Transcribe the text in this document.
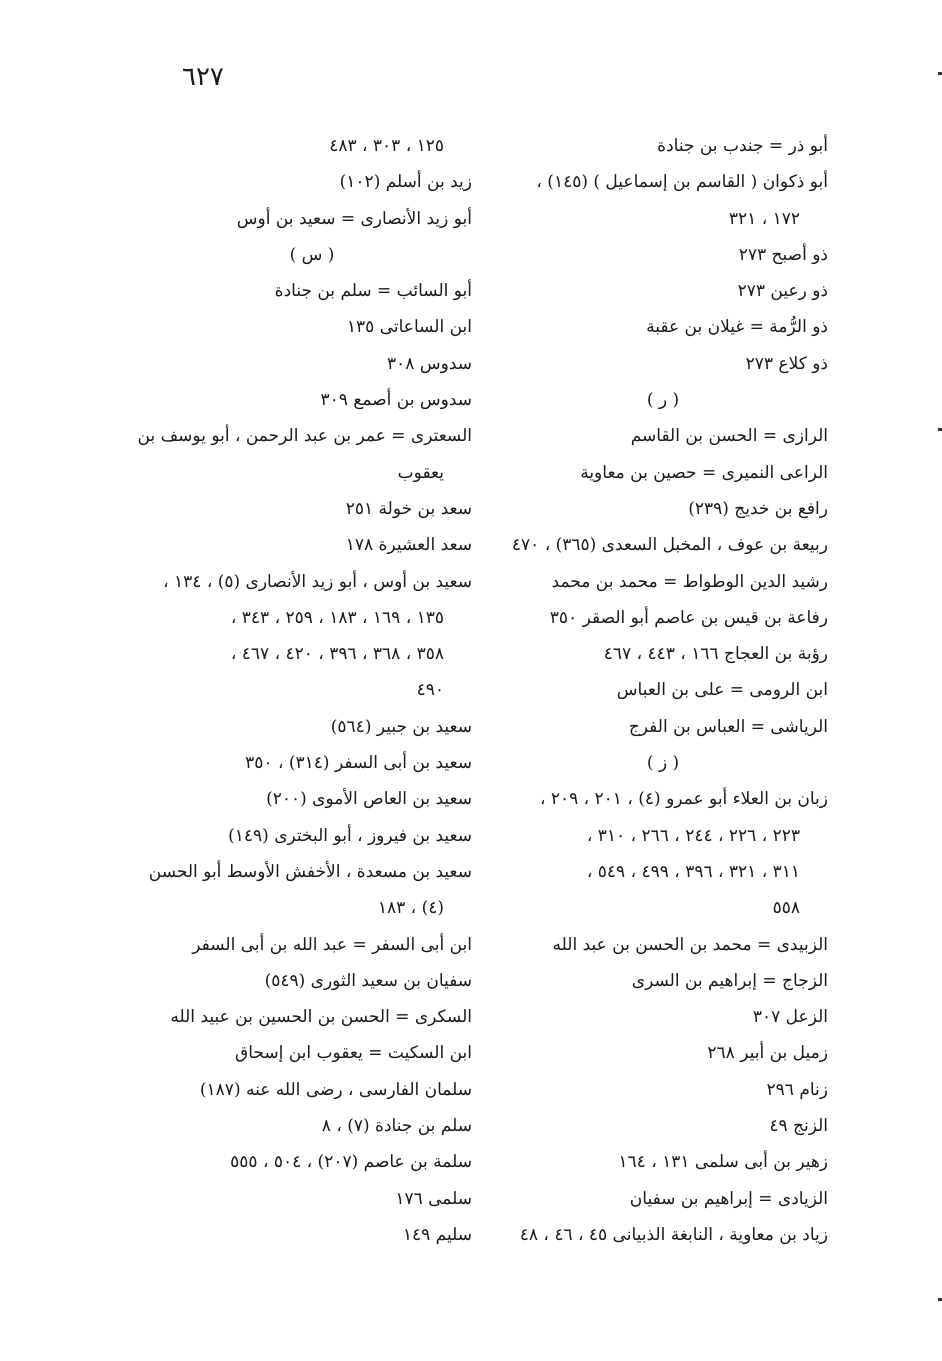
٦٢٧
أبو ذر = جندب بن جنادة
أبو ذكوان ( القاسم بن إسماعيل ) (١٤٥) ،
١٧٢ ، ٣٢١
ذو أصبح ٢٧٣
ذو رعين ٢٧٣
ذو الرُّمة = غيلان بن عقبة
ذو كلاع ٢٧٣
( ر )
الرازى = الحسن بن القاسم
الراعى النميرى = حصين بن معاوية
رافع بن خديج (٢٣٩)
ربيعة بن عوف ، المخبل السعدى (٣٦٥) ، ٤٧٠
رشيد الدين الوطواط = محمد بن محمد
رفاعة بن قيس بن عاصم أبو الصقر ٣٥٠
رؤبة بن العجاج ١٦٦ ، ٤٤٣ ، ٤٦٧
ابن الرومى = على بن العباس
الرياشى = العباس بن الفرج
( ز )
زبان بن العلاء أبو عمرو (٤) ، ٢٠١ ، ٢٠٩ ،
٢٢٣ ، ٢٢٦ ، ٢٤٤ ، ٢٦٦ ، ٣١٠ ،
٣١١ ، ٣٢١ ، ٣٩٦ ، ٤٩٩ ، ٥٤٩ ،
٥٥٨
الزبيدى = محمد بن الحسن بن عبد الله
الزجاج = إبراهيم بن السرى
الزعل ٣٠٧
زميل بن أبير ٢٦٨
زنام ٢٩٦
الزنج ٤٩
زهير بن أبى سلمى ١٣١ ، ١٦٤
الزيادى = إبراهيم بن سفيان
زياد بن معاوية ، النابغة الذبيانى ٤٥ ، ٤٦ ، ٤٨
١٢٥ ، ٣٠٣ ، ٤٨٣
زيد بن أسلم (١٠٢)
أبو زيد الأنصارى = سعيد بن أوس
( س )
أبو السائب = سلم بن جنادة
ابن الساعاتى ١٣٥
سدوس ٣٠٨
سدوس بن أصمع ٣٠٩
السعترى = عمر بن عبد الرحمن ، أبو يوسف بن
يعقوب
سعد بن خولة ٢٥١
سعد العشيرة ١٧٨
سعيد بن أوس ، أبو زيد الأنصارى (٥) ، ١٣٤ ،
١٣٥ ، ١٦٩ ، ١٨٣ ، ٢٥٩ ، ٣٤٣ ،
٣٥٨ ، ٣٦٨ ، ٣٩٦ ، ٤٢٠ ، ٤٦٧ ،
٤٩٠
سعيد بن جبير (٥٦٤)
سعيد بن أبى السفر (٣١٤) ، ٣٥٠
سعيد بن العاص الأموى (٢٠٠)
سعيد بن فيروز ، أبو البخترى (١٤٩)
سعيد بن مسعدة ، الأخفش الأوسط أبو الحسن
(٤) ، ١٨٣
ابن أبى السفر = عبد الله بن أبى السفر
سفيان بن سعيد الثورى (٥٤٩)
السكرى = الحسن بن الحسين بن عبيد الله
ابن السكيت = يعقوب ابن إسحاق
سلمان الفارسى ، رضى الله عنه (١٨٧)
سلم بن جنادة (٧) ، ٨
سلمة بن عاصم (٢٠٧) ، ٥٠٤ ، ٥٥٥
سلمى ١٧٦
سليم ١٤٩
